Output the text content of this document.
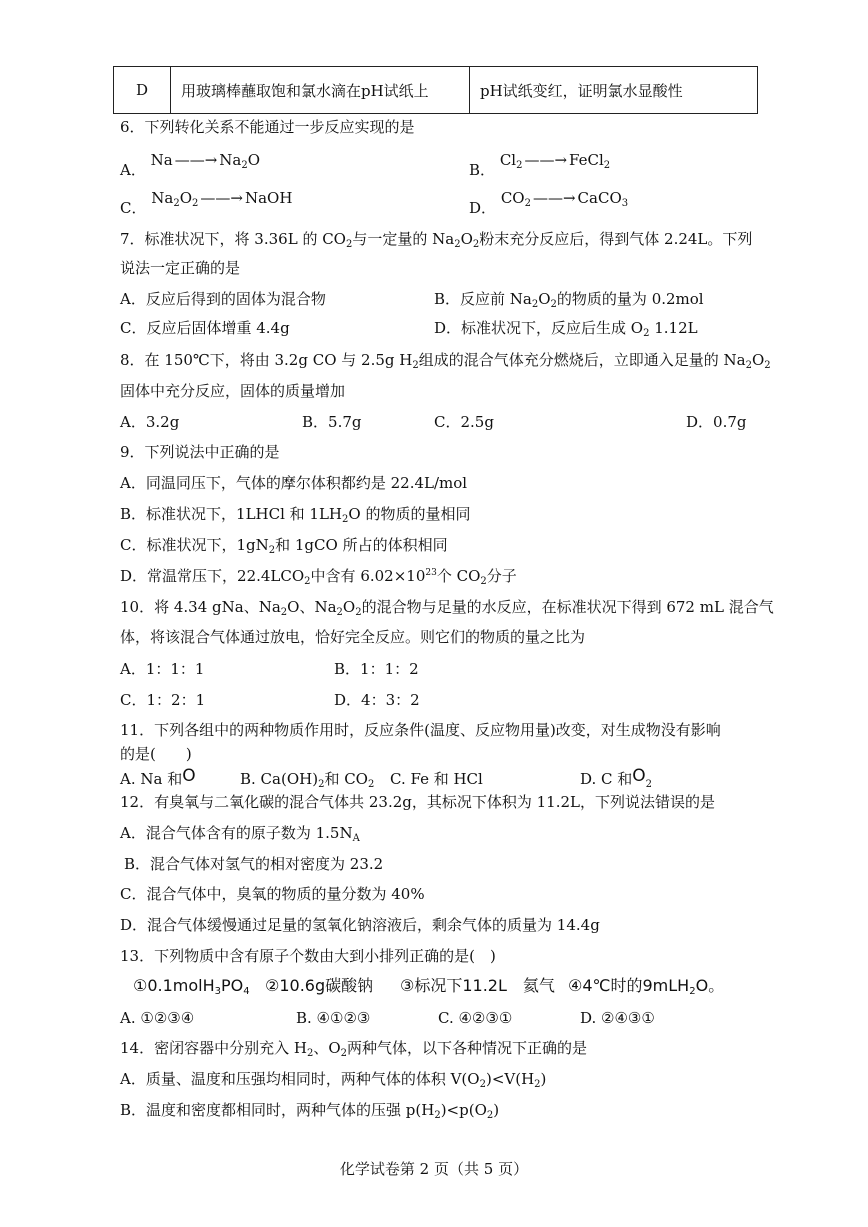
D	用玻璃棒蘸取饱和氯水滴在pH试纸上	pH试纸变红，证明氯水显酸性
6．下列转化关系不能通过一步反应实现的是
A． Na ——→ $Na_2O$
B． $Cl_2$ ——→ FeCl$_2$
C． $Na_2O_2$ ——→ NaOH
D． $CO_2$ ——→ CaCO$_3$
7．标准状况下，将 3.36L 的 $CO_2$与一定量的 $Na_2O_2$粉末充分反应后，得到气体 2.24L。下列
说法一定正确的是
A．反应后得到的固体为混合物	B．反应前 $Na_2O_2$的物质的量为 0.2mol
C．反应后固体增重 4.4g	D．标准状况下，反应后生成 $O_2$ 1.12L
8．在 150℃下，将由 3.2g CO 与 2.5g $H_2$组成的混合气体充分燃烧后，立即通入足量的 $Na_2O_2$
固体中充分反应，固体的质量增加
A．3.2g	B．5.7g	C．2.5g	D．0.7g
9．下列说法中正确的是
A．同温同压下，气体的摩尔体积都约是 22.4L/mol
B．标准状况下，1LHCl 和 $1LH_2O$ 的物质的量相同
C．标准状况下，$1gN_2$和 1gCO 所占的体积相同
D．常温常压下，$22.4LCO_2$中含有 $6.02\times 10^{23}$个 $CO_2$分子
10．将 4.34 gNa、$Na_2O$、$Na_2O_2$的混合物与足量的水反应，在标准状况下得到 672 mL 混合气
体，将该混合气体通过放电，恰好完全反应。则它们的物质的量之比为
A．1：1：1	B．1：1：2
C．1：2：1	D．4：3：2
11．下列各组中的两种物质作用时，反应条件(温度、反应物用量)改变，对生成物没有影响
的是(　　)
A. Na 和O	B. $Ca(OH)_2$和 $CO_2$ C. Fe 和 HCl	D. C 和$O_2$
12．有臭氧与二氧化碳的混合气体共 23.2g，其标况下体积为 11.2L，下列说法错误的是
A．混合气体含有的原子数为 $1.5N_A$
B．混合气体对氢气的相对密度为 23.2
C．混合气体中，臭氧的物质的量分数为 40%
D．混合气体缓慢通过足量的氢氧化钠溶液后，剩余气体的质量为 14.4g
13．下列物质中含有原子个数由大到小排列正确的是(　)
$①0.1molH_3PO_4$ ②10.6g碳酸钠 ③标况下11.2L　氦气 ④4℃时的9mLH$_2$O。
A. ①②③④	B. ④①②③	C. ④②③①	D. ②④③①
14．密闭容器中分别充入 $H_2$、$O_2$两种气体，以下各种情况下正确的是
A．质量、温度和压强均相同时，两种气体的体积 $V(O_2)<V(H_2)$
B．温度和密度都相同时，两种气体的压强 $p(H_2)<p(O_2)$
化学试卷第 2 页（共 5 页）
